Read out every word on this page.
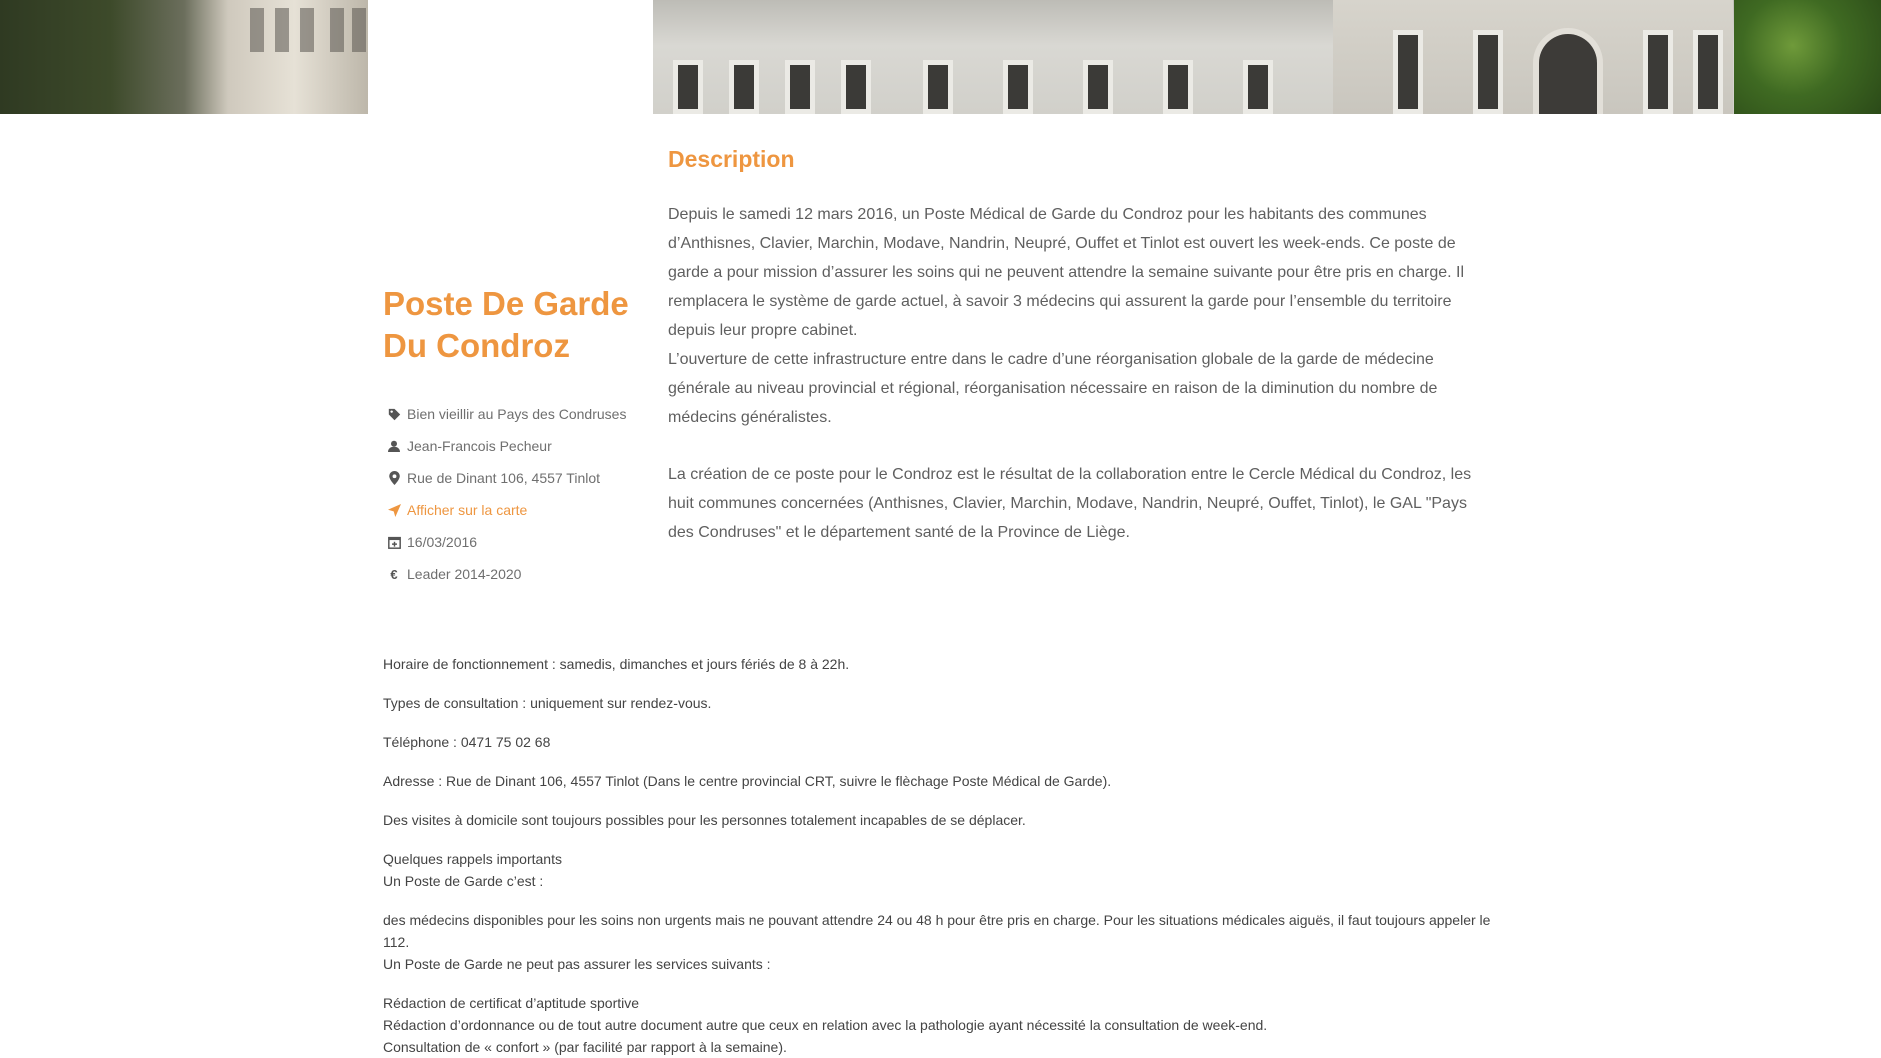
Poste De Garde Du Condroz
Bien vieillir au Pays des Condruses
Jean-Francois Pecheur
Rue de Dinant 106, 4557 Tinlot
Afficher sur la carte
16/03/2016
€ Leader 2014-2020
Description

Depuis le samedi 12 mars 2016, un Poste Médical de Garde du Condroz pour les habitants des communes d’Anthisnes, Clavier, Marchin, Modave, Nandrin, Neupré, Ouffet et Tinlot est ouvert les week-ends. Ce poste de garde a pour mission d’assurer les soins qui ne peuvent attendre la semaine suivante pour être pris en charge. Il remplacera le système de garde actuel, à savoir 3 médecins qui assurent la garde pour l’ensemble du territoire depuis leur propre cabinet.

L’ouverture de cette infrastructure entre dans le cadre d’une réorganisation globale de la garde de médecine générale au niveau provincial et régional, réorganisation nécessaire en raison de la diminution du nombre de médecins généralistes.

La création de ce poste pour le Condroz est le résultat de la collaboration entre le Cercle Médical du Condroz, les huit communes concernées (Anthisnes, Clavier, Marchin, Modave, Nandrin, Neupré, Ouffet, Tinlot), le GAL "Pays des Condruses" et le département santé de la Province de Liège.

Horaire de fonctionnement : samedis, dimanches et jours fériés de 8 à 22h.

Types de consultation : uniquement sur rendez-vous.

Téléphone : 0471 75 02 68

Adresse : Rue de Dinant 106, 4557 Tinlot (Dans le centre provincial CRT, suivre le flèchage Poste Médical de Garde).

Des visites à domicile sont toujours possibles pour les personnes totalement incapables de se déplacer.

Quelques rappels importants

Un Poste de Garde c’est :

des médecins disponibles pour les soins non urgents mais ne pouvant attendre 24 ou 48 h pour être pris en charge. Pour les situations médicales aiguës, il faut toujours appeler le 112.

Un Poste de Garde ne peut pas assurer les services suivants :

Rédaction de certificat d’aptitude sportive

Rédaction d’ordonnance ou de tout autre document autre que ceux en relation avec la pathologie ayant nécessité la consultation de week-end.

Consultation de « confort » (par facilité par rapport à la semaine).
